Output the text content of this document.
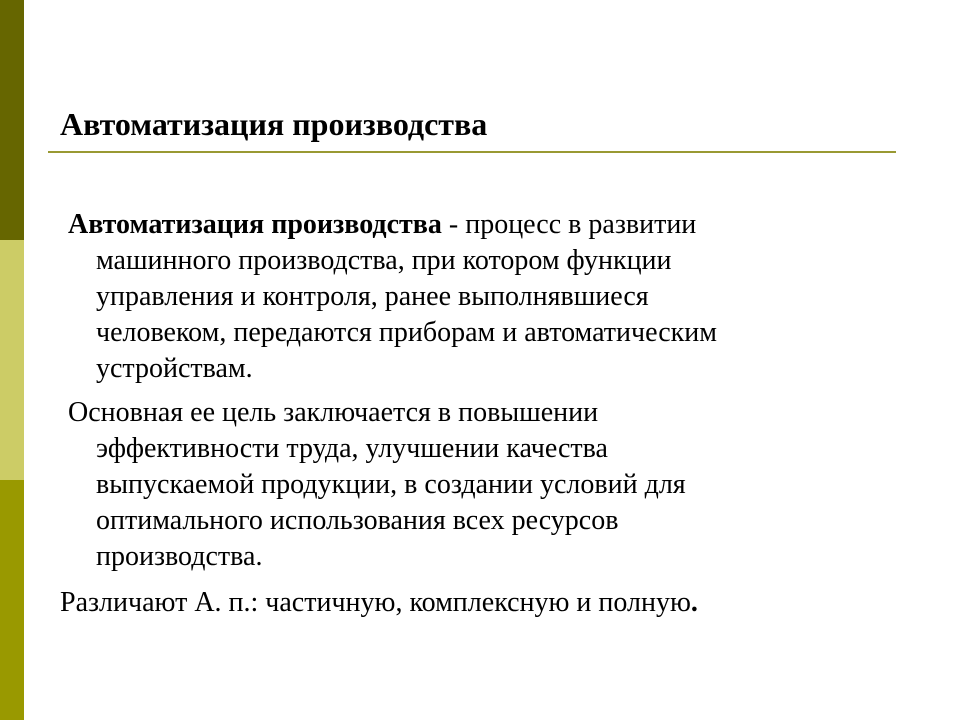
Автоматизация производства
Автоматизация производства - процесс в развитии
машинного производства, при котором функции
управления и контроля, ранее выполнявшиеся
человеком, передаются приборам и автоматическим
устройствам.
Основная ее цель заключается в повышении
эффективности труда, улучшении качества
выпускаемой продукции, в создании условий для
оптимального использования всех ресурсов
производства.
Различают А. п.: частичную, комплексную и полную.
